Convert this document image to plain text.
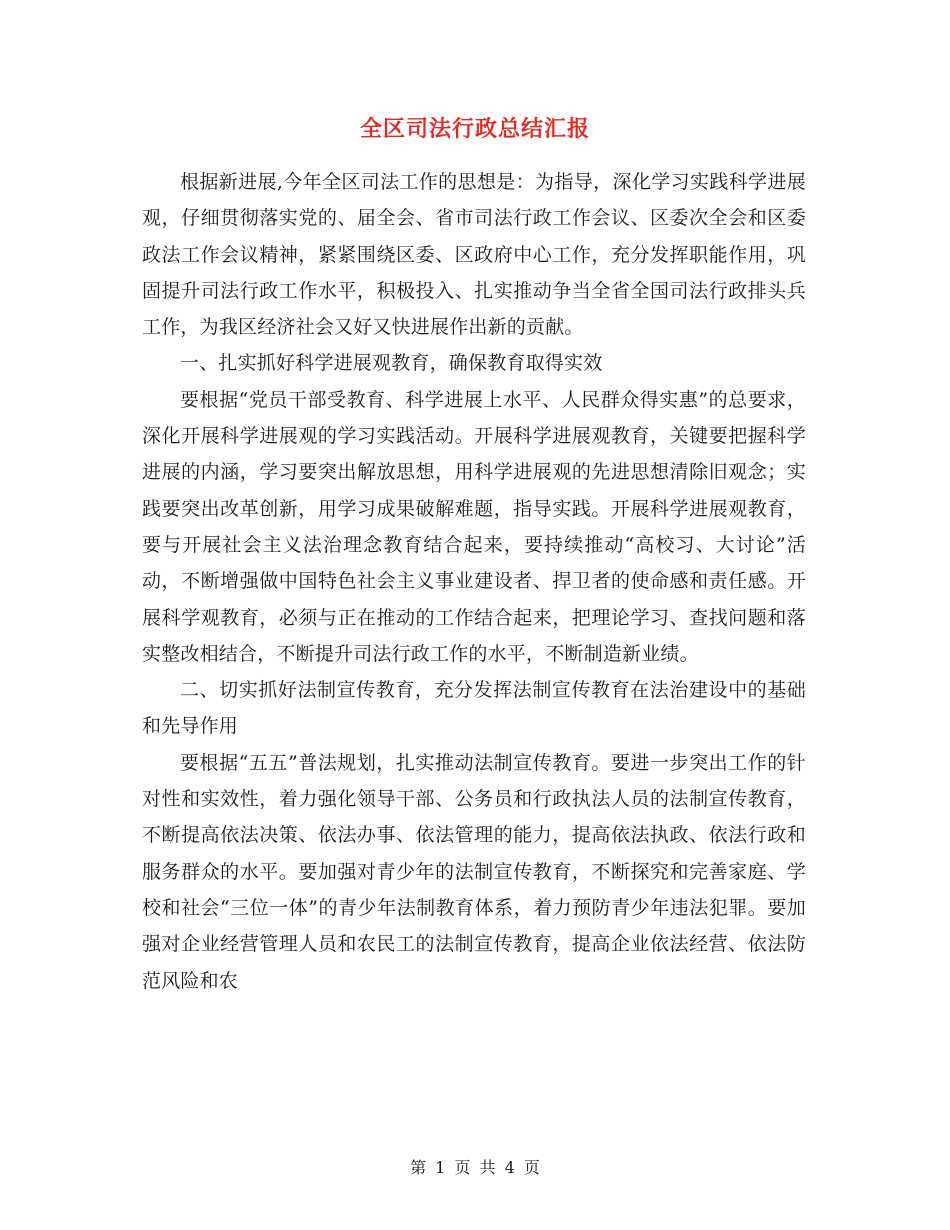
全区司法行政总结汇报

根据新进展,今年全区司法工作的思想是：为指导，深化学习实践科学进展观，仔细贯彻落实党的、届全会、省市司法行政工作会议、区委次全会和区委政法工作会议精神，紧紧围绕区委、区政府中心工作，充分发挥职能作用，巩固提升司法行政工作水平，积极投入、扎实推动争当全省全国司法行政排头兵工作，为我区经济社会又好又快进展作出新的贡献。

一、扎实抓好科学进展观教育，确保教育取得实效

要根据“党员干部受教育、科学进展上水平、人民群众得实惠”的总要求，深化开展科学进展观的学习实践活动。开展科学进展观教育，关键要把握科学进展的内涵，学习要突出解放思想，用科学进展观的先进思想清除旧观念；实践要突出改革创新，用学习成果破解难题，指导实践。开展科学进展观教育，要与开展社会主义法治理念教育结合起来，要持续推动“高校习、大讨论”活动，不断增强做中国特色社会主义事业建设者、捍卫者的使命感和责任感。开展科学观教育，必须与正在推动的工作结合起来，把理论学习、查找问题和落实整改相结合，不断提升司法行政工作的水平，不断制造新业绩。

二、切实抓好法制宣传教育，充分发挥法制宣传教育在法治建设中的基础和先导作用

要根据“五五”普法规划，扎实推动法制宣传教育。要进一步突出工作的针对性和实效性，着力强化领导干部、公务员和行政执法人员的法制宣传教育，不断提高依法决策、依法办事、依法管理的能力，提高依法执政、依法行政和服务群众的水平。要加强对青少年的法制宣传教育，不断探究和完善家庭、学校和社会“三位一体”的青少年法制教育体系，着力预防青少年违法犯罪。要加强对企业经营管理人员和农民工的法制宣传教育，提高企业依法经营、依法防范风险和农

第 1 页 共 4 页
